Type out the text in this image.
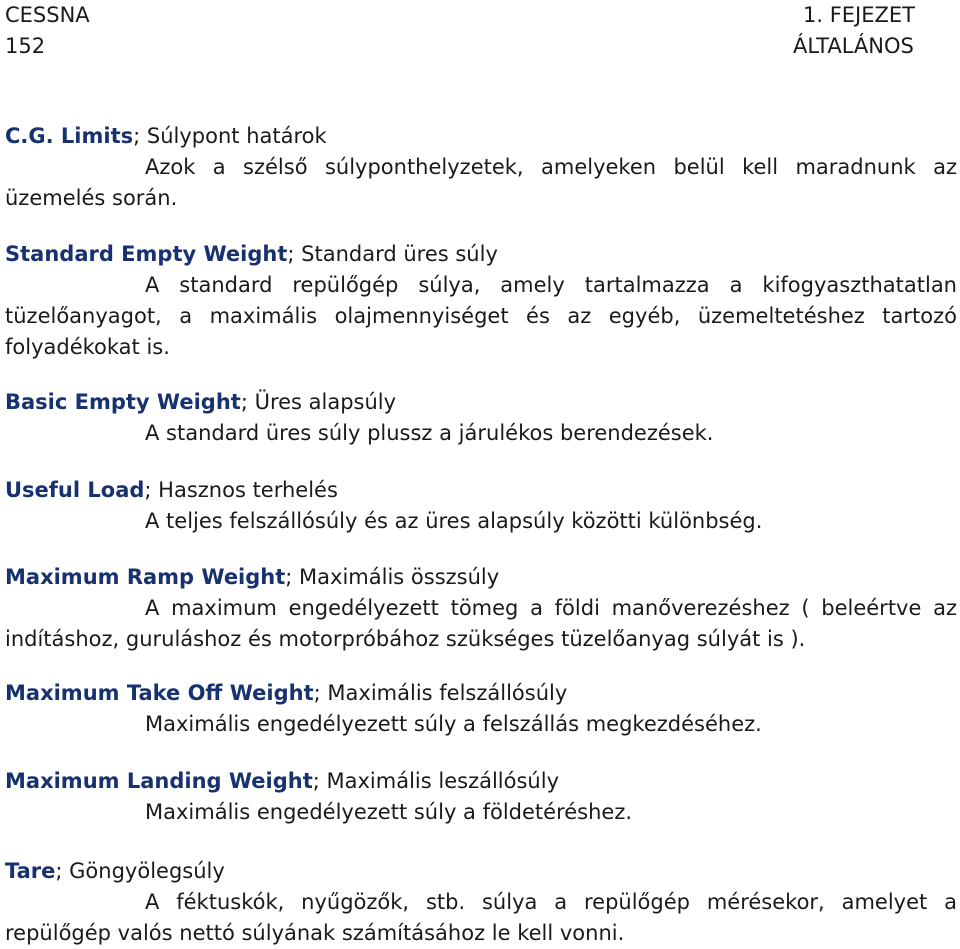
CESSNA
152
1. FEJEZET
ÁLTALÁNOS
C.G. Limits; Súlypont határok
Azok a szélső súlyponthelyzetek, amelyeken belül kell maradnunk az üzemelés során.
Standard Empty Weight; Standard üres súly
A standard repülőgép súlya, amely tartalmazza a kifogyaszthatatlan tüzelőanyagot, a maximális olajmennyiséget és az egyéb, üzemeltetéshez tartozó folyadékokat is.
Basic Empty Weight; Üres alapsúly
A standard üres súly plussz a járulékos berendezések.
Useful Load; Hasznos terhelés
A teljes felszállósúly és az üres alapsúly közötti különbség.
Maximum Ramp Weight; Maximális összsúly
A maximum engedélyezett tömeg a földi manőverezéshez ( beleértve az indításhoz, guruláshoz és motorpróbához szükséges tüzelőanyag súlyát is ).
Maximum Take Off Weight; Maximális felszállósúly
Maximális engedélyezett súly a felszállás megkezdéséhez.
Maximum Landing Weight; Maximális leszállósúly
Maximális engedélyezett súly a földetéréshez.
Tare; Göngyölegsúly
A féktuskók, nyűgözők, stb. súlya a repülőgép mérésekor, amelyet a repülőgép valós nettó súlyának számításához le kell vonni.
